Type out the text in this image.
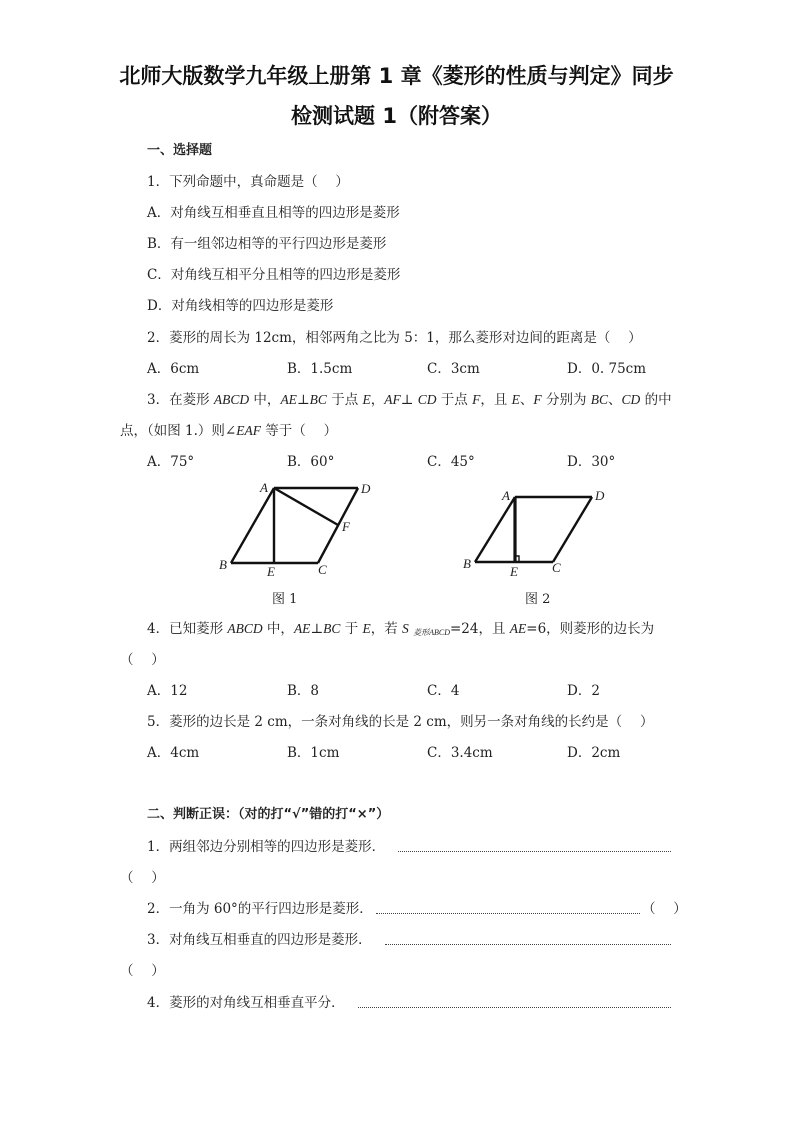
北师大版数学九年级上册第 1 章《菱形的性质与判定》同步
检测试题 1（附答案）
一、选择题
1．下列命题中，真命题是（　 ）
A．对角线互相垂直且相等的四边形是菱形
B．有一组邻边相等的平行四边形是菱形
C．对角线互相平分且相等的四边形是菱形
D．对角线相等的四边形是菱形
2．菱形的周长为 12cm，相邻两角之比为 5：1，那么菱形对边间的距离是（　 ）
A．6cm	B．1.5cm	C．3cm	D．0. 75cm
3．在菱形 ABCD 中，AE⊥BC 于点 E，AF⊥ CD 于点 F，且 E、F 分别为 BC、CD 的中
点，（如图 1.）则∠EAF 等于（　 ）
A．75°	B．60°	C．45°	D．30°
A
B	C
D
E
F
A
B	C
D
E
图 1	图 2
4．已知菱形 ABCD 中，AE⊥BC 于 E，若 S $_{菱形ABCD}$=24，且 AE=6，则菱形的边长为
（　 ）
A．12	B．8	C．4	D．2
5．菱形的边长是 2 cm，一条对角线的长是 2 cm，则另一条对角线的长约是（　 ）
A．4cm	B．1cm	C．3.4cm	D．2cm
二、判断正误：（对的打“√”错的打“×”）
1．两组邻边分别相等的四边形是菱形．
（　 ）
2．一角为 60°的平行四边形是菱形．	（　 ）
3．对角线互相垂直的四边形是菱形．
（　 ）
4．菱形的对角线互相垂直平分．
